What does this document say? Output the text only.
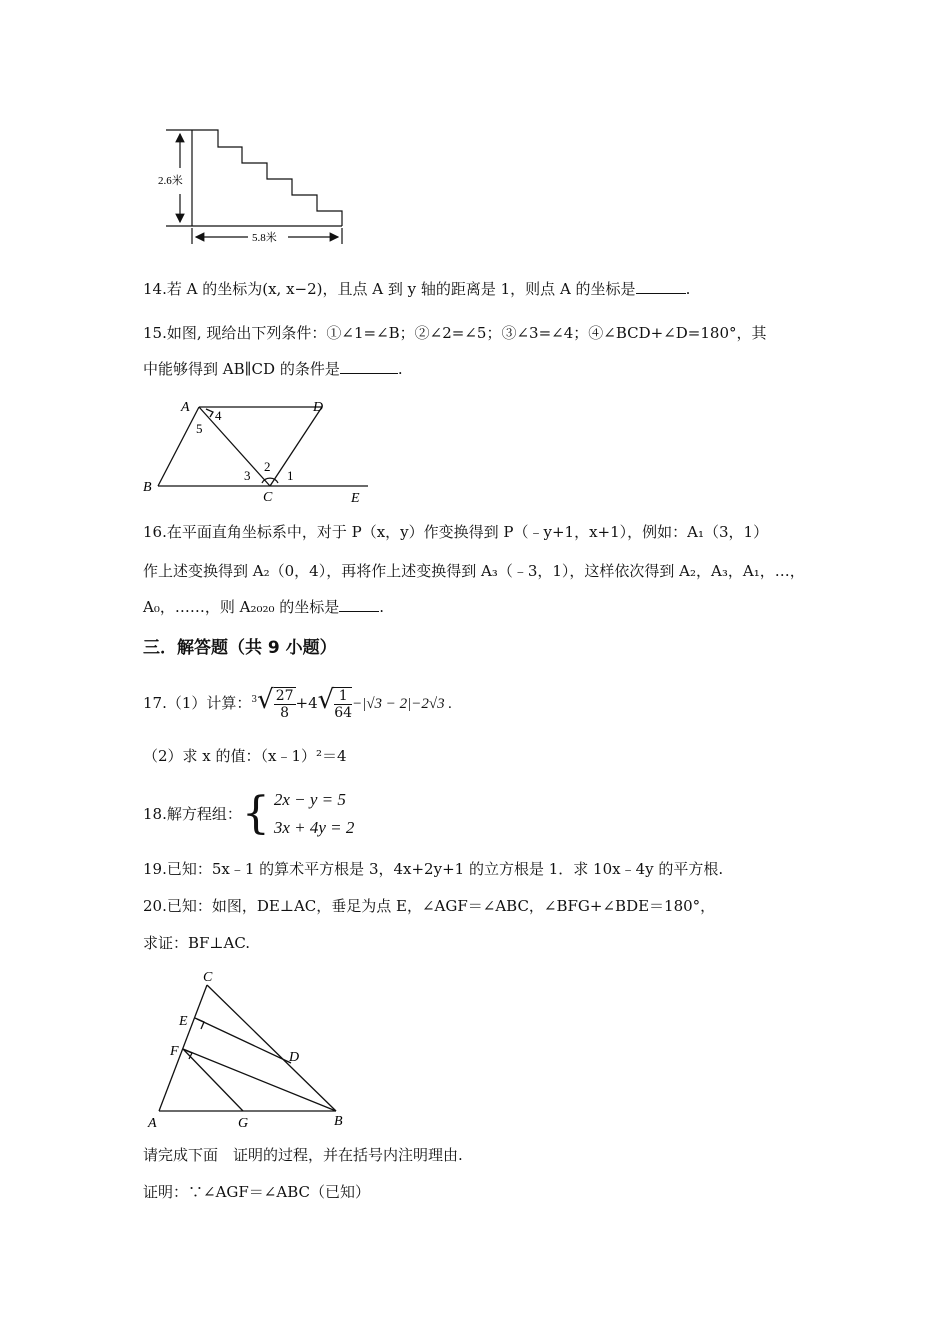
2.6米
5.8米
14.若 A 的坐标为(x, x−2)，且点 A 到 y 轴的距离是 1，则点 A 的坐标是	.
15.如图, 现给出下列条件：①∠1=∠B；②∠2=∠5；③∠3=∠4；④∠BCD+∠D=180°，其
中能够得到 AB∥CD 的条件是	.
A	D
B
C	E
4
5
3
2
1
16.在平面直角坐标系中，对于 P（x，y）作变换得到 P（﹣y+1，x+1），例如：A₁（3，1）
作上述变换得到 A₂（0，4），再将作上述变换得到 A₃（﹣3，1），这样依次得到 A₂，A₃，A₁，…，
A₀，……，则 A₂₀₂₀ 的坐标是	.
三．解答题（共 9 小题）
17.（1）计算：$^3√ \frac{27}{8} +4√ \frac{1}{64} -|√3 - 2|-2√3$ .
（2）求 x 的值：（x﹣1）²＝4
18.解方程组：{ 2x − y = 5
3x + 4y = 2
19.已知：5x﹣1 的算术平方根是 3，4x+2y+1 的立方根是 1．求 10x﹣4y 的平方根.
20.已知：如图，DE⊥AC，垂足为点 E，∠AGF＝∠ABC，∠BFG+∠BDE＝180°，
求证：BF⊥AC.
C
E
F	D
A	G	B
请完成下面　证明的过程，并在括号内注明理由.
证明：∵∠AGF＝∠ABC（已知）
